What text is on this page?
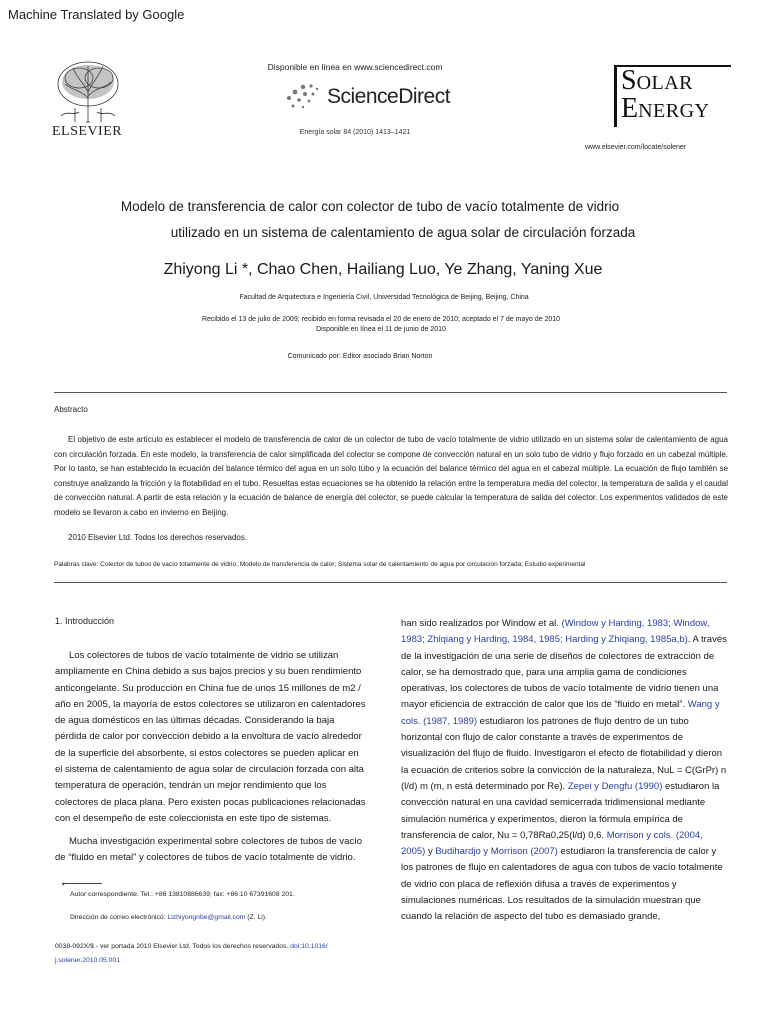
Machine Translated by Google
ELSEVIER
Disponible en línea en www.sciencedirect.com
ScienceDirect
Energía solar 84 (2010) 1413–1421
SOLAR
ENERGY
www.elsevier.com/locate/solener
Modelo de transferencia de calor con colector de tubo de vacío totalmente de vidrio
utilizado en un sistema de calentamiento de agua solar de circulación forzada
Zhiyong Li *, Chao Chen, Hailiang Luo, Ye Zhang, Yaning Xue
Facultad de Arquitectura e Ingeniería Civil, Universidad Tecnológica de Beijing, Beijing, China
Recibido el 13 de julio de 2009; recibido en forma revisada el 20 de enero de 2010; aceptado el 7 de mayo de 2010
Disponible en línea el 11 de junio de 2010
Comunicado por: Editor asociado Brian Norton
Abstracto

El objetivo de este artículo es establecer el modelo de transferencia de calor de un colector de tubo de vacío totalmente de vidrio utilizado en un sistema solar de calentamiento de agua con circulación forzada. En este modelo, la transferencia de calor simplificada del colector se compone de convección natural en un solo tubo de vidrio y flujo forzado en un cabezal múltiple. Por lo tanto, se han establecido la ecuación del balance térmico del agua en un solo tubo y la ecuación del balance térmico del agua en el cabezal múltiple. La ecuación de flujo también se construye analizando la fricción y la flotabilidad en el tubo. Resueltas estas ecuaciones se ha obtenido la relación entre la temperatura media del colector, la temperatura de salida y el caudal de convección natural. A partir de esta relación y la ecuación de balance de energía del colector, se puede calcular la temperatura de salida del colector. Los experimentos validados de este modelo se llevaron a cabo en invierno en Beijing.

2010 Elsevier Ltd. Todos los derechos reservados.
Palabras clave: Colector de tubos de vacío totalmente de vidrio; Modelo de transferencia de calor; Sistema solar de calentamiento de agua por circulación forzada; Estudio experimental
1. Introducción

Los colectores de tubos de vacío totalmente de vidrio se utilizan ampliamente en China debido a sus bajos precios y su buen rendimiento anticongelante. Su producción en China fue de unos 15 millones de m2 / año en 2005, la mayoría de estos colectores se utilizaron en calentadores de agua domésticos en las últimas décadas. Considerando la baja pérdida de calor por convección debido a la envoltura de vacío alrededor de la superficie del absorbente, si estos colectores se pueden aplicar en el sistema de calentamiento de agua solar de circulación forzada con alta temperatura de operación, tendrán un mejor rendimiento que los colectores de placa plana. Pero existen pocas publicaciones relacionadas con el desempeño de este coleccionista en este tipo de sistemas.

Mucha investigación experimental sobre colectores de tubos de vacío de “fluido en metal” y colectores de tubos de vacío totalmente de vidrio.

*
Autor correspondiente. Tel.: +86 13810886639; fax: +86 10 67391608 201.
Dirección de correo electrónico: Lizhiyongnbe@gmail.com (Z. Li).
0038-092X/$ - ver portada 2010 Elsevier Ltd. Todos los derechos reservados. doi:10.1016/
j.solener.2010.05.001

han sido realizados por Window et al. (Window y Harding, 1983; Window, 1983; Zhiqiang y Harding, 1984, 1985; Harding y Zhiqiang, 1985a,b). A través de la investigación de una serie de diseños de colectores de extracción de calor, se ha demostrado que, para una amplia gama de condiciones operativas, los colectores de tubos de vacío totalmente de vidrio tienen una mayor eficiencia de extracción de calor que los de “fluido en metal”. Wang y cols. (1987, 1989) estudiaron los patrones de flujo dentro de un tubo horizontal con flujo de calor constante a través de experimentos de visualización del flujo de fluido. Investigaron el efecto de flotabilidad y dieron la ecuación de criterios sobre la convicción de la naturaleza, NuL = C(GrPr) n (l/d) m (m, n está determinado por Re). Zepei y Dengfu (1990) estudiaron la convección natural en una cavidad semicerrada tridimensional mediante simulación numérica y experimentos, dieron la fórmula empírica de transferencia de calor, Nu = 0,78Ra0,25(l/d) 0,6. Morrison y cols. (2004, 2005) y Budihardjo y Morrison (2007) estudiaron la transferencia de calor y los patrones de flujo en calentadores de agua con tubos de vacío totalmente de vidrio con placa de reflexión difusa a través de experimentos y simulaciones numéricas. Los resultados de la simulación muestran que cuando la relación de aspecto del tubo es demasiado grande,
